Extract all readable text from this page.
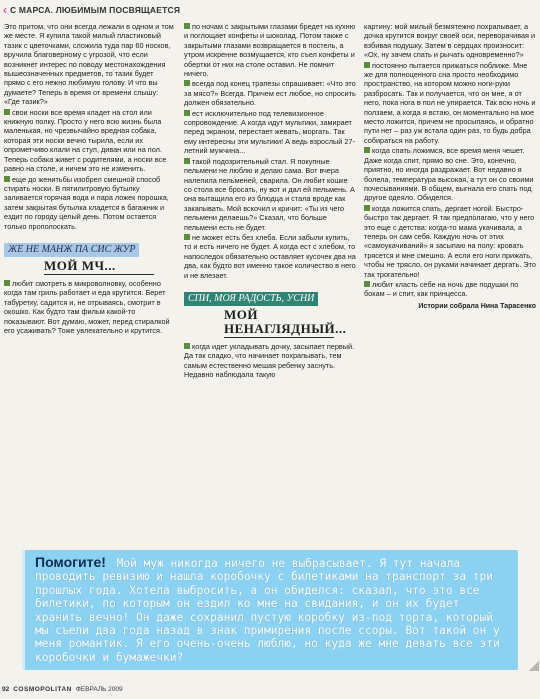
‹ С МАРСА. ЛЮБИМЫМ ПОСВЯЩАЕТСЯ

Это притом, что они всегда лежали в одном и том же месте. Я купила такой милый пластиковый тазик с цветочками, сложила туда пар 60 носков, вручила благоверному с угрозой, что если возникнет интерес по поводу местонахождения вышеозначенных предметов, то тазик будет прямо с его нежно любимую голову. И что вы думаете? Теперь в время от времени слышу: «Где тазик?»

свои носки все время кладет на стол или книжную полку. Просто у него всю жизнь была маленькая, но чрезвычайно вредная собака, которая эти носки вечно тырила, если их опрометчиво клали на стул, диван или на пол. Теперь собака живет с родителями, а носки все равно на столе, и ничем это не изменить.

еще до женитьбы изобрел смешной способ стирать носки. В пятилитровую бутылку заливается горячая вода и пара ложек порошка, затем закрытая бутылка кладется в багажник и ездит по городу целый день. Потом остается только прополоскать.

ЖЕ НЕ МАНЖ ПА СИС ЖУР
МОЙ МЧ...

любит смотреть в микроволновку, особенно когда там гриль работает и еда крутится. Берет табуретку, садится и, не отрываясь, смотрит в окошко. Как будто там фильм какой-то показывают. Вот думаю, может, перед стиралкой его усаживать? Тоже увлекательно и крутится.

по ночам с закрытыми глазами бредет на кухню и поглощает конфеты и шоколад. Потом также с закрытыми глазами возвращается в постель, а утром искренне возмущается, кто съел конфеты и обертки от них на столе оставил. Не помнит ничего.

всегда под конец трапезы спрашивает: «Что это за мясо?» Всегда. Причем ест любое, но спросить должен обязательно.

ест исключительно под телевизионное сопровождение. А когда идут мультики, замирает перед экраном, перестает жевать, моргать. Так ему интересны эти мультики! А ведь взрослый 27-летний мужчина...

такой подозрительный стал. Я покупные пельмени не люблю и делаю сама. Вот вчера налепила пельменей, сварила. Он любит кошке со стола все бросать, ну вот и дал ей пельмень. А она вытащила его из блюдца и стала вроде как закапывать. Мой вскочил и кричит: «Ты из чего пельмени делаешь?» Сказал, что больше пельмени есть не будет.

не может есть без хлеба. Если забыли купить, то и есть ничего не будет. А когда ест с хлебом, то напоследок обязательно оставляет кусочек два на два, как будто вот именно такое количество в него и не влезает.

СПИ, МОЯ РАДОСТЬ, УСНИ
МОЙ НЕНАГЛЯДНЫЙ...

когда идет укладывать дочку, засыпает первый. Да так сладко, что начинает похрапывать, тем самым естественно мешая ребенку заснуть. Недавно наблюдала такую

картину: мой милый безмятежно похрапывает, а дочка крутится вокруг своей оси, переворачивая и взбивая подушку. Затем в сердцах произносит: «Ох, ну зачем спать и рычать одновременно?»

постоянно пытается прижаться поближе. Мне же для полноценного сна просто необходимо пространство, на котором можно ноги-руки разбросать. Так и получается, что он мне, я от него, пока нога в пол не упирается. Так всю ночь и ползаем, а когда я встаю, он моментально на мое место ложится, причем не просыпаясь, и обратно пути нет – раз уж встала один раз, то будь добра собираться на работу.

когда спать ложимся, все время меня чешет. Даже когда спит, прямо во сне. Это, конечно, приятно, но иногда раздражает. Вот недавно я болела, температура высокая, а тут он со своими почесываниями. В общем, выгнала его спать под другое одеяло. Обиделся.

когда ложится спать, дергает ногой. Быстро-быстро так дергает. Я так предполагаю, что у него это еще с детства: когда-то мама укачивала, а теперь он сам себя. Каждую ночь от этих «самоукачиваний» я засыпаю на полу: кровать трясется и мне смешно. А если его ноги прижать, чтобы не трясло, он руками начинает дергать. Это так трогательно!

любит класть себе на ночь две подушки по бокам – и спит, как принцесса.

Истории собрала Нина Тарасенко
Помогите! Мой муж никогда ничего не выбрасывает. Я тут начала проводить ревизию и нашла коробочку с билетиками на транспорт за три прошлых года. Хотела выбросить, а он обиделся: сказал, что это все билетики, по которым он ездил ко мне на свидания, и он их будет хранить вечно! Он даже сохранил пустую коробку из-под торта, который мы съели два года назад в знак примирения после ссоры. Вот такой он у меня романтик. Я его очень-очень люблю, но куда же мне девать все эти коробочки и бумажечки?
92 COSMOPOLITAN ФЕВРАЛЬ 2009
